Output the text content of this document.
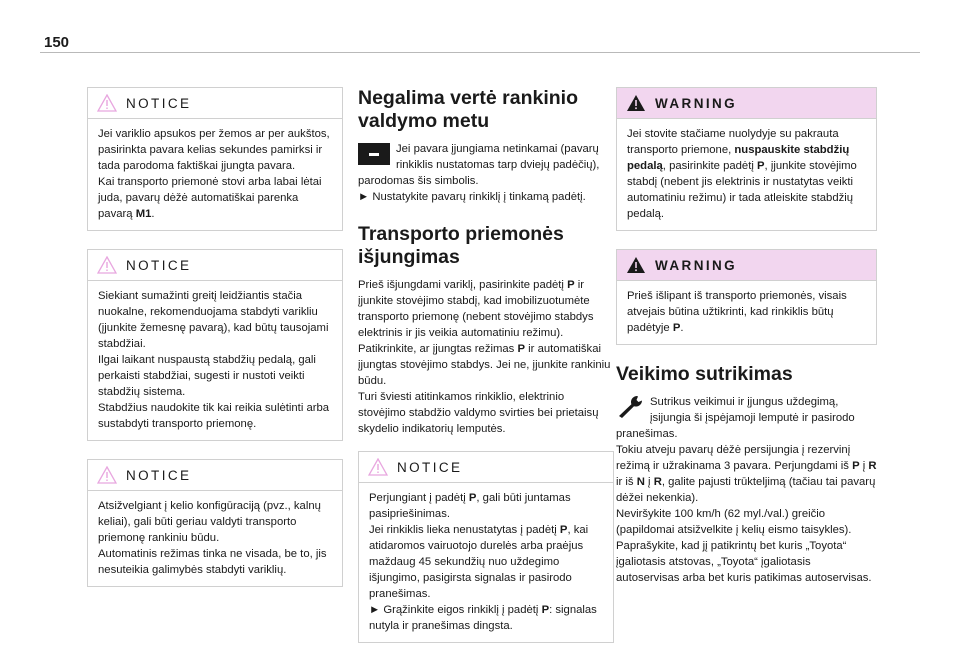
150
NOTICE

Jei variklio apsukos per žemos ar per aukštos, pasirinkta pavara kelias sekundes pamirksi ir tada parodoma faktiškai įjungta pavara.

Kai transporto priemonė stovi arba labai lėtai juda, pavarų dėžė automatiškai parenka pavarą M1.

NOTICE

Siekiant sumažinti greitį leidžiantis stačia nuokalne, rekomenduojama stabdyti varikliu (įjunkite žemesnę pavarą), kad būtų tausojami stabdžiai.

Ilgai laikant nuspaustą stabdžių pedalą, gali perkaisti stabdžiai, sugesti ir nustoti veikti stabdžių sistema.

Stabdžius naudokite tik kai reikia sulėtinti arba sustabdyti transporto priemonę.

NOTICE

Atsižvelgiant į kelio konfigūraciją (pvz., kalnų keliai), gali būti geriau valdyti transporto priemonę rankiniu būdu.

Automatinis režimas tinka ne visada, be to, jis nesuteikia galimybės stabdyti variklių.

Negalima vertė rankinio valdymo metu

Jei pavara įjungiama netinkamai (pavarų rinkiklis nustatomas tarp dviejų padėčių), parodomas šis simbolis.

► Nustatykite pavarų rinkiklį į tinkamą padėtį.

Transporto priemonės išjungimas

Prieš išjungdami variklį, pasirinkite padėtį P ir įjunkite stovėjimo stabdį, kad imobilizuotumėte transporto priemonę (nebent stovėjimo stabdys elektrinis ir jis veikia automatiniu režimu).

Patikrinkite, ar įjungtas režimas P ir automatiškai įjungtas stovėjimo stabdys. Jei ne, įjunkite rankiniu būdu.

Turi šviesti atitinkamos rinkiklio, elektrinio stovėjimo stabdžio valdymo svirties bei prietaisų skydelio indikatorių lemputės.

NOTICE

Perjungiant į padėtį P, gali būti juntamas pasipriešinimas.

Jei rinkiklis lieka nenustatytas į padėtį P, kai atidaromos vairuotojo durelės arba praėjus maždaug 45 sekundžių nuo uždegimo išjungimo, pasigirsta signalas ir pasirodo pranešimas.

► Grąžinkite eigos rinkiklį į padėtį P: signalas nutyla ir pranešimas dingsta.

WARNING

Jei stovite stačiame nuolydyje su pakrauta transporto priemone, nuspauskite stabdžių pedalą, pasirinkite padėtį P, įjunkite stovėjimo stabdį (nebent jis elektrinis ir nustatytas veikti automatiniu režimu) ir tada atleiskite stabdžių pedalą.

WARNING

Prieš išlipant iš transporto priemonės, visais atvejais būtina užtikrinti, kad rinkiklis būtų padėtyje P.

Veikimo sutrikimas

Sutrikus veikimui ir įjungus uždegimą, įsijungia ši įspėjamoji lemputė ir pasirodo pranešimas.

Tokiu atveju pavarų dėžė persijungia į rezervinį režimą ir užrakinama 3 pavara. Perjungdami iš P į R ir iš N į R, galite pajusti trūkteljimą (tačiau tai pavarų dėžei nekenkia).

Neviršykite 100 km/h (62 myl./val.) greičio (papildomai atsižvelkite į kelių eismo taisykles).

Paprašykite, kad jį patikrintų bet kuris „Toyota“ įgaliotasis atstovas, „Toyota“ įgaliotasis autoservisas arba bet kuris patikimas autoservisas.
